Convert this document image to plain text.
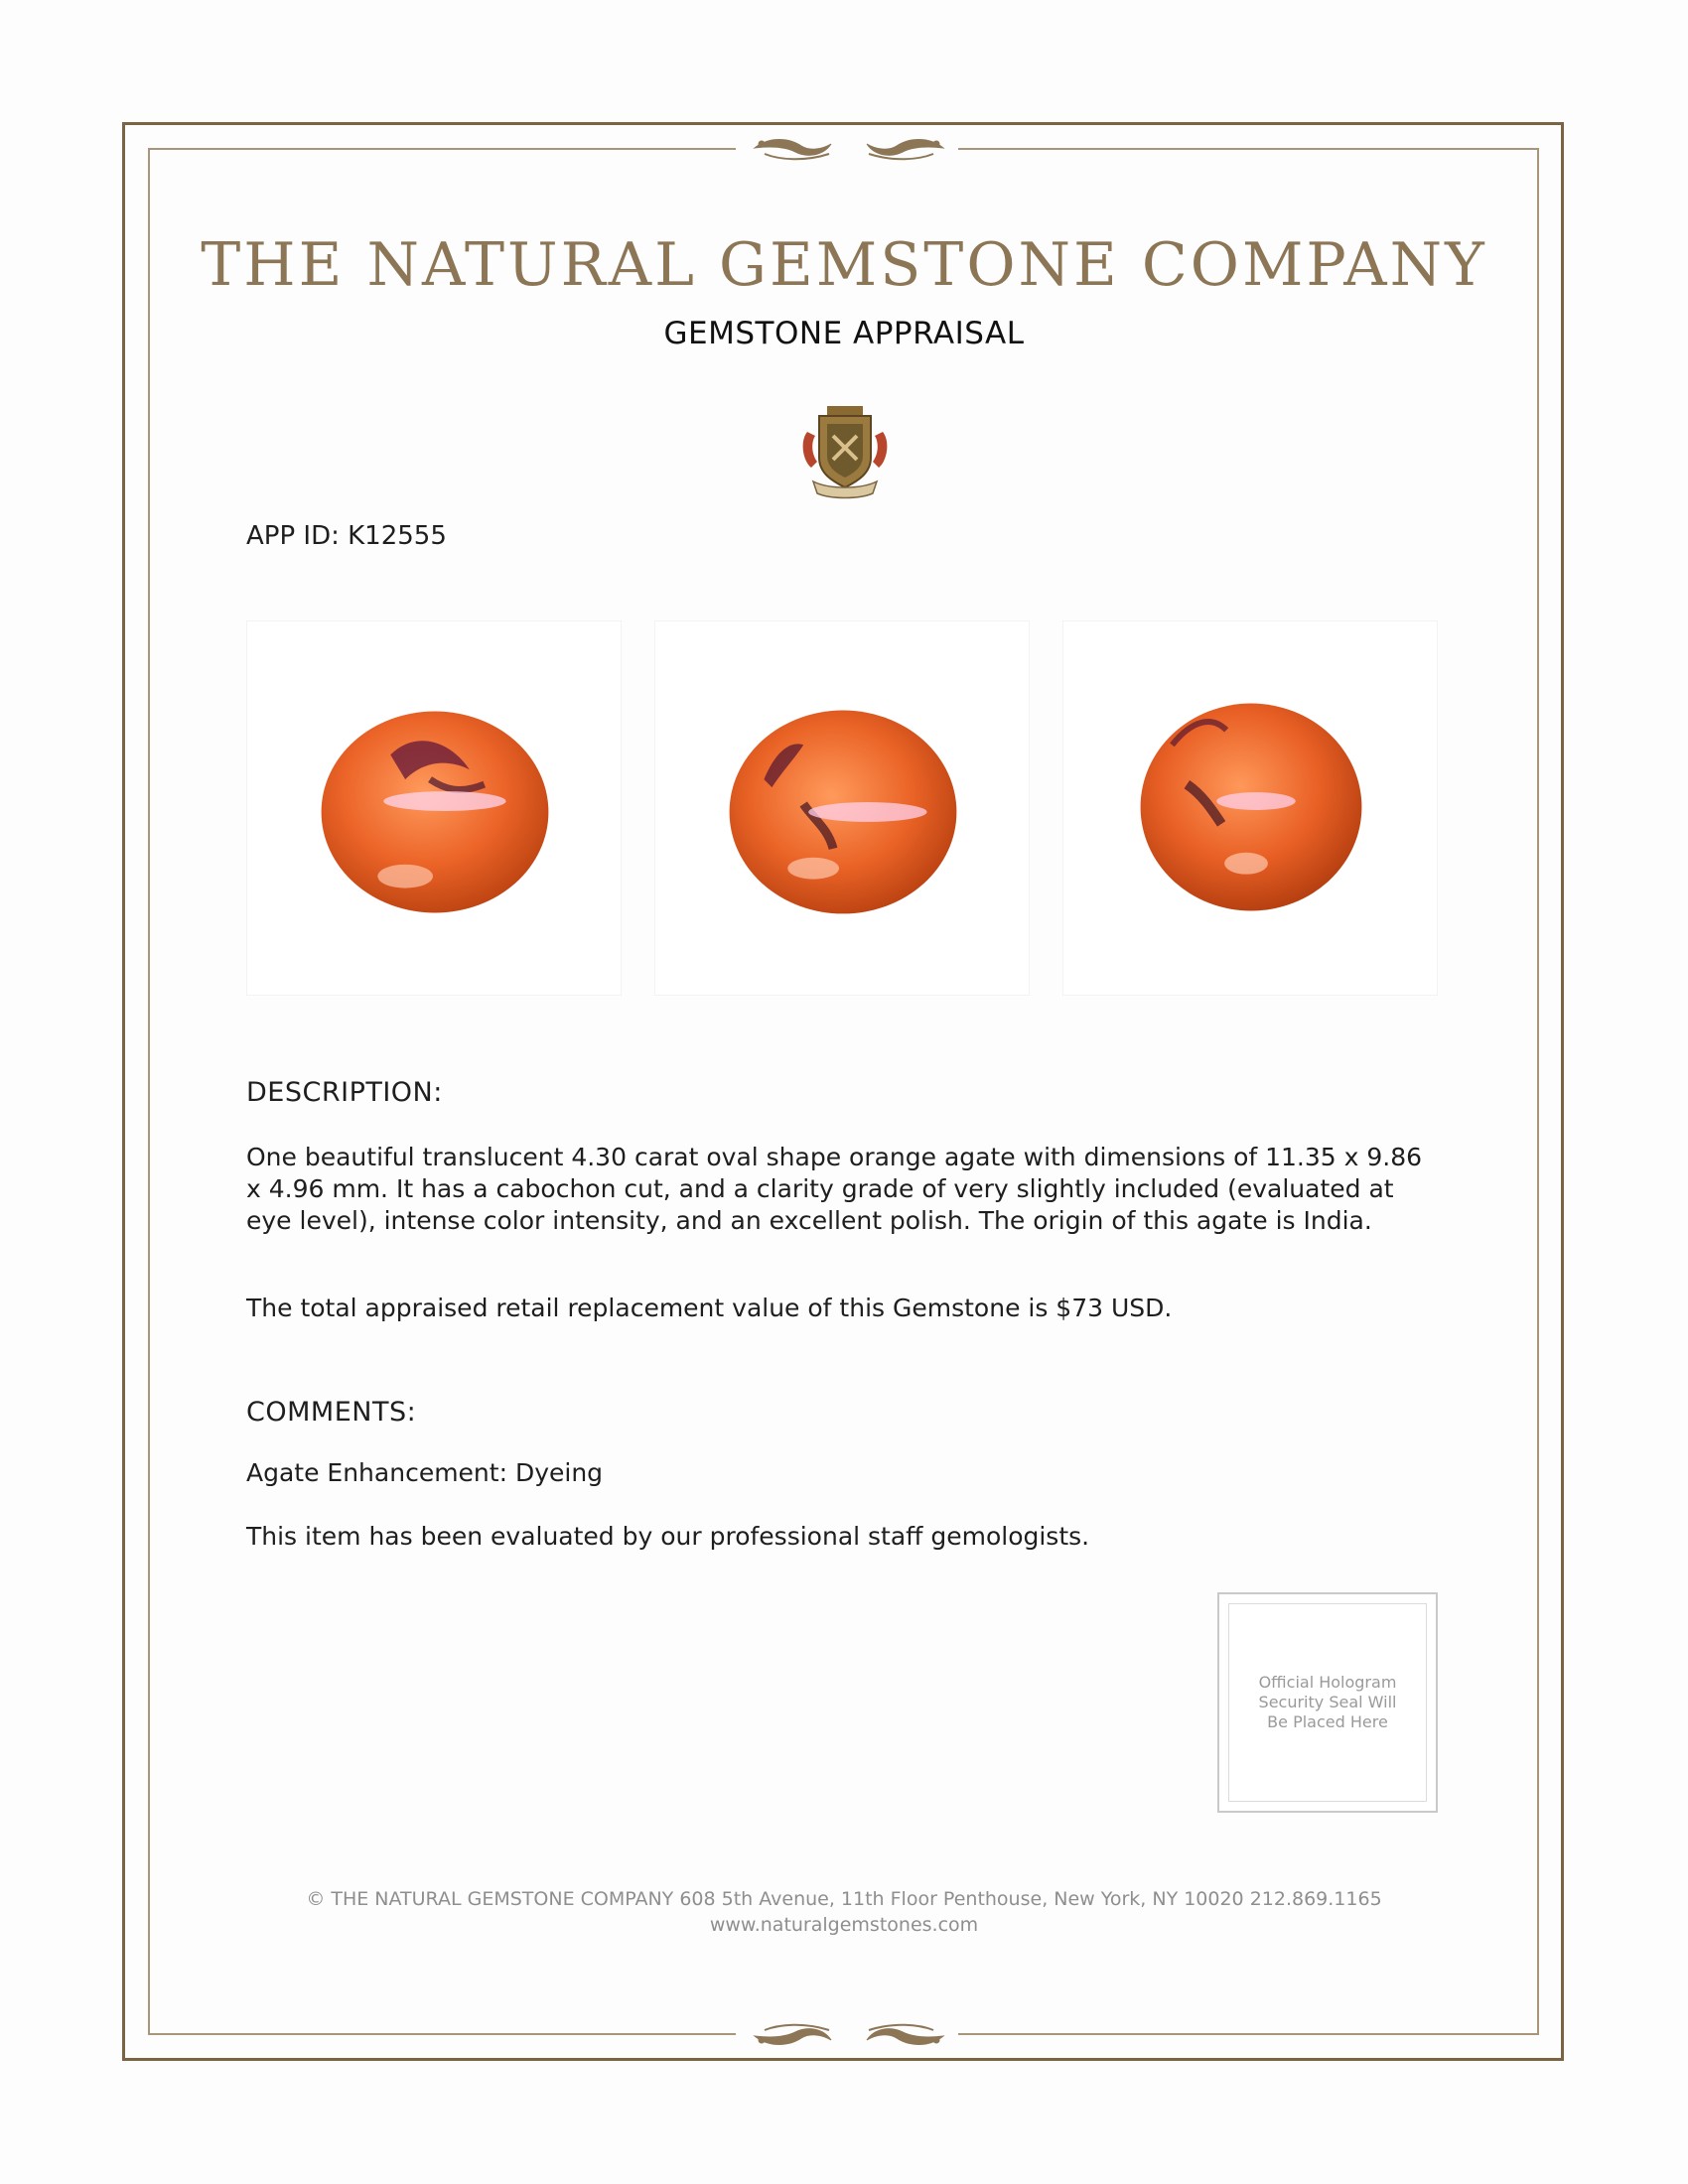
THE NATURAL GEMSTONE COMPANY
GEMSTONE APPRAISAL
APP ID: K12555
DESCRIPTION:
One beautiful translucent 4.30 carat oval shape orange agate with dimensions of 11.35 x 9.86 x 4.96 mm. It has a cabochon cut, and a clarity grade of very slightly included (evaluated at eye level), intense color intensity, and an excellent polish. The origin of this agate is India.
The total appraised retail replacement value of this Gemstone is $73 USD.
COMMENTS:
Agate Enhancement: Dyeing
This item has been evaluated by our professional staff gemologists.
Official Hologram Security Seal Will Be Placed Here
© THE NATURAL GEMSTONE COMPANY 608 5th Avenue, 11th Floor Penthouse, New York, NY 10020 212.869.1165
www.naturalgemstones.com
